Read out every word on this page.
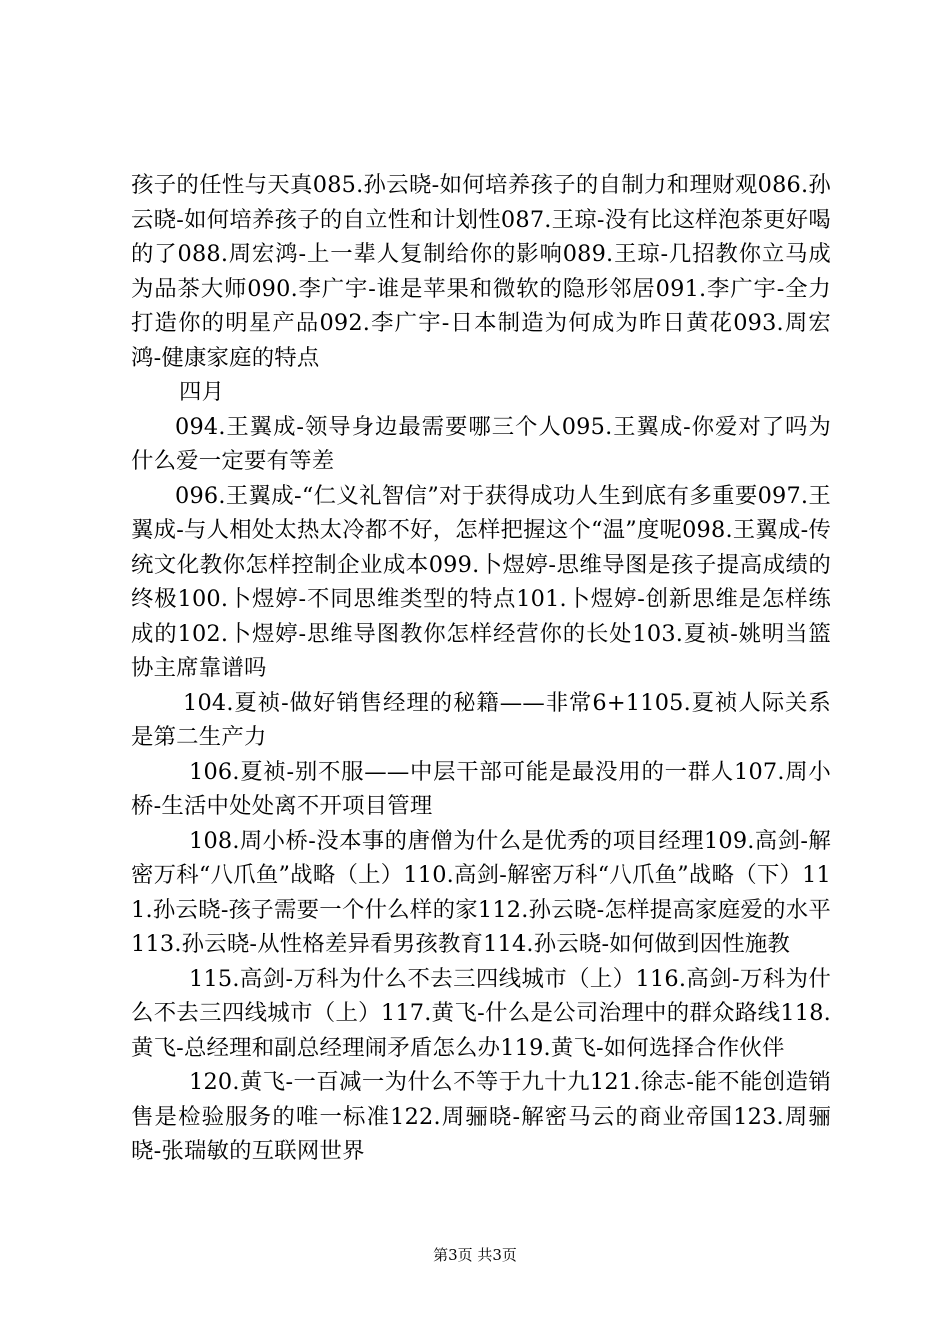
孩子的任性与天真085.孙云晓-如何培养孩子的自制力和理财观086.孙云晓-如何培养孩子的自立性和计划性087.王琼-没有比这样泡茶更好喝的了088.周宏鸿-上一辈人复制给你的影响089.王琼-几招教你立马成为品茶大师090.李广宇-谁是苹果和微软的隐形邻居091.李广宇-全力打造你的明星产品092.李广宇-日本制造为何成为昨日黄花093.周宏鸿-健康家庭的特点

四月

094.王翼成-领导身边最需要哪三个人095.王翼成-你爱对了吗为什么爱一定要有等差

096.王翼成-“仁义礼智信”对于获得成功人生到底有多重要097.王翼成-与人相处太热太冷都不好，怎样把握这个“温”度呢098.王翼成-传统文化教你怎样控制企业成本099.卜煜婷-思维导图是孩子提高成绩的终极100.卜煜婷-不同思维类型的特点101.卜煜婷-创新思维是怎样练成的102.卜煜婷-思维导图教你怎样经营你的长处103.夏祯-姚明当篮协主席靠谱吗

104.夏祯-做好销售经理的秘籍——非常6+1105.夏祯人际关系是第二生产力

106.夏祯-别不服——中层干部可能是最没用的一群人107.周小桥-生活中处处离不开项目管理

108.周小桥-没本事的唐僧为什么是优秀的项目经理109.高剑-解密万科“八爪鱼”战略（上）110.高剑-解密万科“八爪鱼”战略（下）111.孙云晓-孩子需要一个什么样的家112.孙云晓-怎样提高家庭爱的水平113.孙云晓-从性格差异看男孩教育114.孙云晓-如何做到因性施教

115.高剑-万科为什么不去三四线城市（上）116.高剑-万科为什么不去三四线城市（上）117.黄飞-什么是公司治理中的群众路线118.黄飞-总经理和副总经理闹矛盾怎么办119.黄飞-如何选择合作伙伴

120.黄飞-一百减一为什么不等于九十九121.徐志-能不能创造销售是检验服务的唯一标准122.周骊晓-解密马云的商业帝国123.周骊晓-张瑞敏的互联网世界

第3页 共3页
